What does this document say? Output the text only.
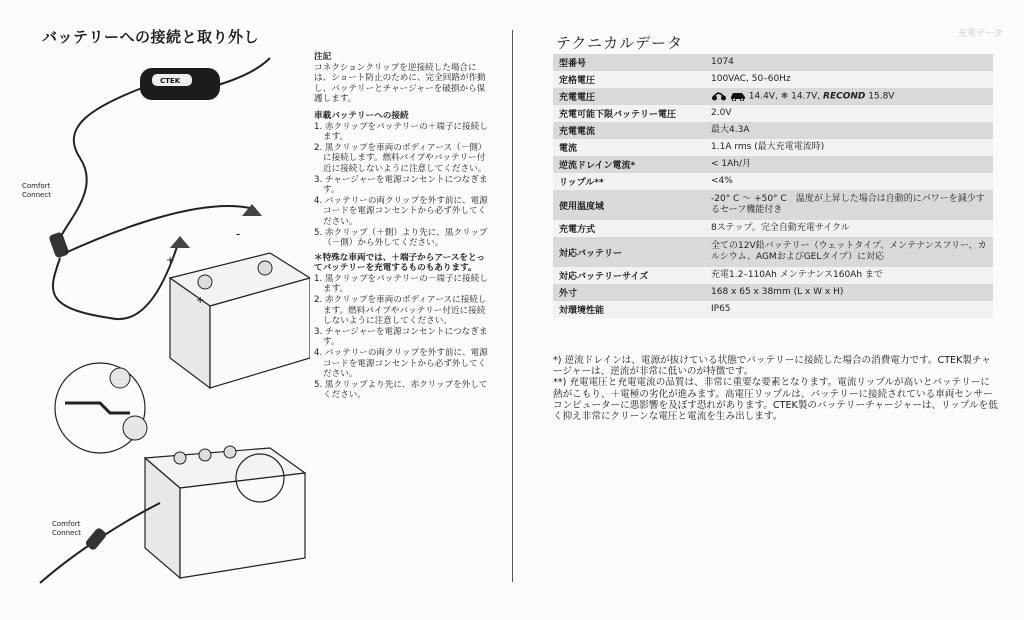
バッテリーへの接続と取り外し
CTEK
Comfort
Connect
+
-
+
Comfort
Connect
注記
コネクションクリップを逆接続した場合には、ショート防止のために、完全回路が作動し、バッテリーとチャージャーを破損から保護します。
車載バッテリーへの接続
1. 赤クリップをバッテリーの＋端子に接続します。
2. 黒クリップを車両のボディアース（－側）に接続します。燃料パイプやバッテリー付近に接続しないように注意してください。
3. チャージャーを電源コンセントにつなぎます。
4. バッテリーの両クリップを外す前に、電源コードを電源コンセントから必ず外してください。
5. 赤クリップ（＋側）より先に、黒クリップ（－側）から外してください。
＊特殊な車両では、＋端子からアースをとってバッテリーを充電するものもあります。
1. 黒クリップをバッテリーの－端子に接続します。
2. 赤クリップを車両のボディアースに接続します。燃料パイプやバッテリー付近に接続しないように注意してください。
3. チャージャーを電源コンセントにつなぎます。
4. バッテリーの両クリップを外す前に、電源コードを電源コンセントから必ず外してください。
5. 黒クリップより先に、赤クリップを外してください。
テクニカルデータ	充電データ
型番号	1074
定格電圧	100VAC, 50–60Hz
充電電圧	14.4V, ❄ 14.7V, RECOND 15.8V
充電可能下限バッテリー電圧	2.0V
充電電流	最大4.3A
電流	1.1A rms (最大充電電流時)
逆流ドレイン電流*	< 1Ah/月
リップル**	<4%
使用温度域	-20° C ～ +50° C　温度が上昇した場合は自動的にパワーを減少するセーフ機能付き
充電方式	8ステップ。完全自動充電サイクル
対応バッテリー	全ての12V鉛バッテリー（ウェットタイプ、メンテナンスフリー、カルシウム、AGMおよびGELタイプ）に対応
対応バッテリーサイズ	充電1.2–110Ah メンテナンス160Ah まで
外寸	168 x 65 x 38mm (L x W x H)
対環境性能	IP65

*) 逆流ドレインは、電源が抜けている状態でバッテリーに接続した場合の消費電力です。CTEK製チャージャーは、逆流が非常に低いのが特徴です。

**) 充電電圧と充電電流の品質は、非常に重要な要素となります。電流リップルが高いとバッテリーに熱がこもり、＋電極の劣化が進みます。高電圧リップルは、バッテリーに接続されている車両センサーコンピューターに悪影響を及ぼす恐れがあります。CTEK製のバッテリーチャージャーは、リップルを低く抑え非常にクリーンな電圧と電流を生み出します。
